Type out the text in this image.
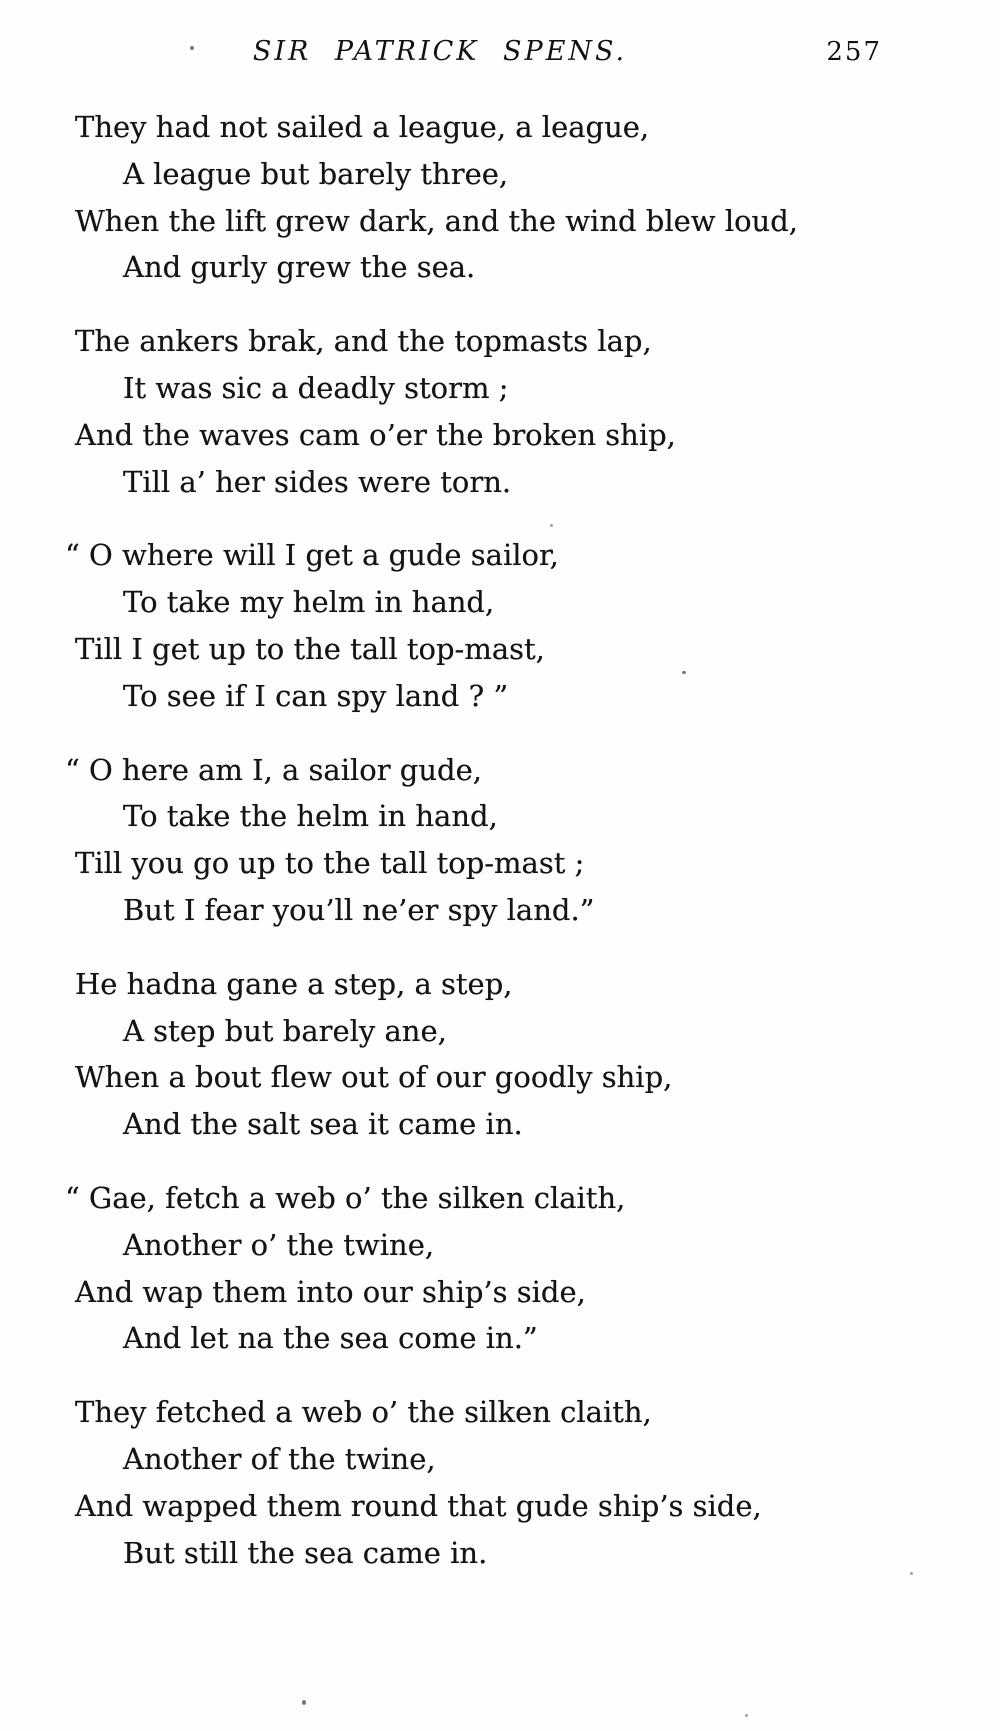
SIR PATRICK SPENS.	257

They had not sailed a league, a league,

A league but barely three,

When the lift grew dark, and the wind blew loud,

And gurly grew the sea.

The ankers brak, and the topmasts lap,

It was sic a deadly storm ;

And the waves cam o’er the broken ship,

Till a’ her sides were torn.

“ O where will I get a gude sailor,

To take my helm in hand,

Till I get up to the tall top-mast,

To see if I can spy land ? ”

“ O here am I, a sailor gude,

To take the helm in hand,

Till you go up to the tall top-mast ;

But I fear you’ll ne’er spy land.”

He hadna gane a step, a step,

A step but barely ane,

When a bout flew out of our goodly ship,

And the salt sea it came in.

“ Gae, fetch a web o’ the silken claith,

Another o’ the twine,

And wap them into our ship’s side,

And let na the sea come in.”

They fetched a web o’ the silken claith,

Another of the twine,

And wapped them round that gude ship’s side,

But still the sea came in.
